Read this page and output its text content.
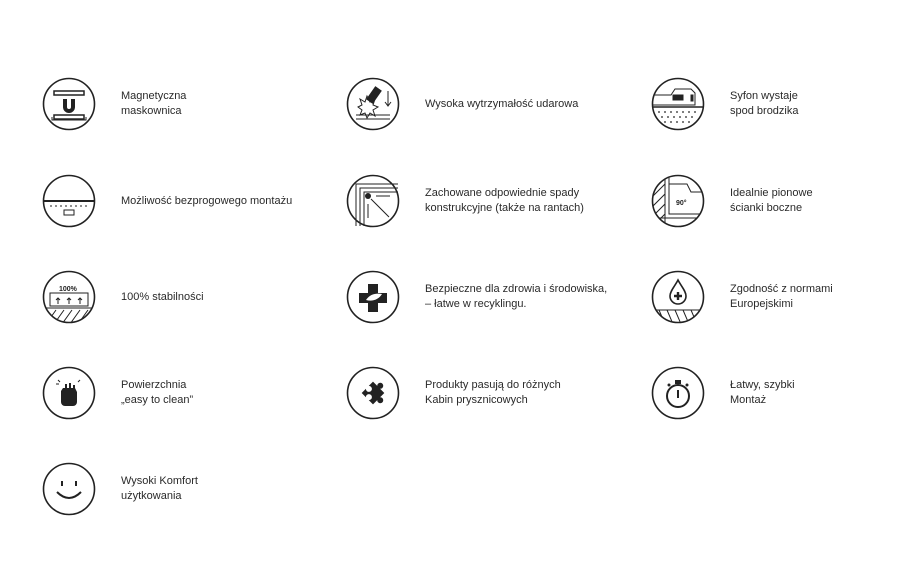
Magnetyczna
maskownica
Wysoka wytrzymałość udarowa
Syfon wystaje
spod brodzika
Możliwość bezprogowego montażu
Zachowane odpowiednie spady
konstrukcyjne (także na rantach)	90°
Idealnie pionowe
ścianki boczne
100%
100% stabilności
Bezpieczne dla zdrowia i środowiska,
– łatwe w recyklingu.
Zgodność z normami
Europejskimi
Powierzchnia
„easy to clean”
Produkty pasują do różnych
Kabin prysznicowych
Łatwy, szybki
Montaż
Wysoki Komfort
użytkowania
